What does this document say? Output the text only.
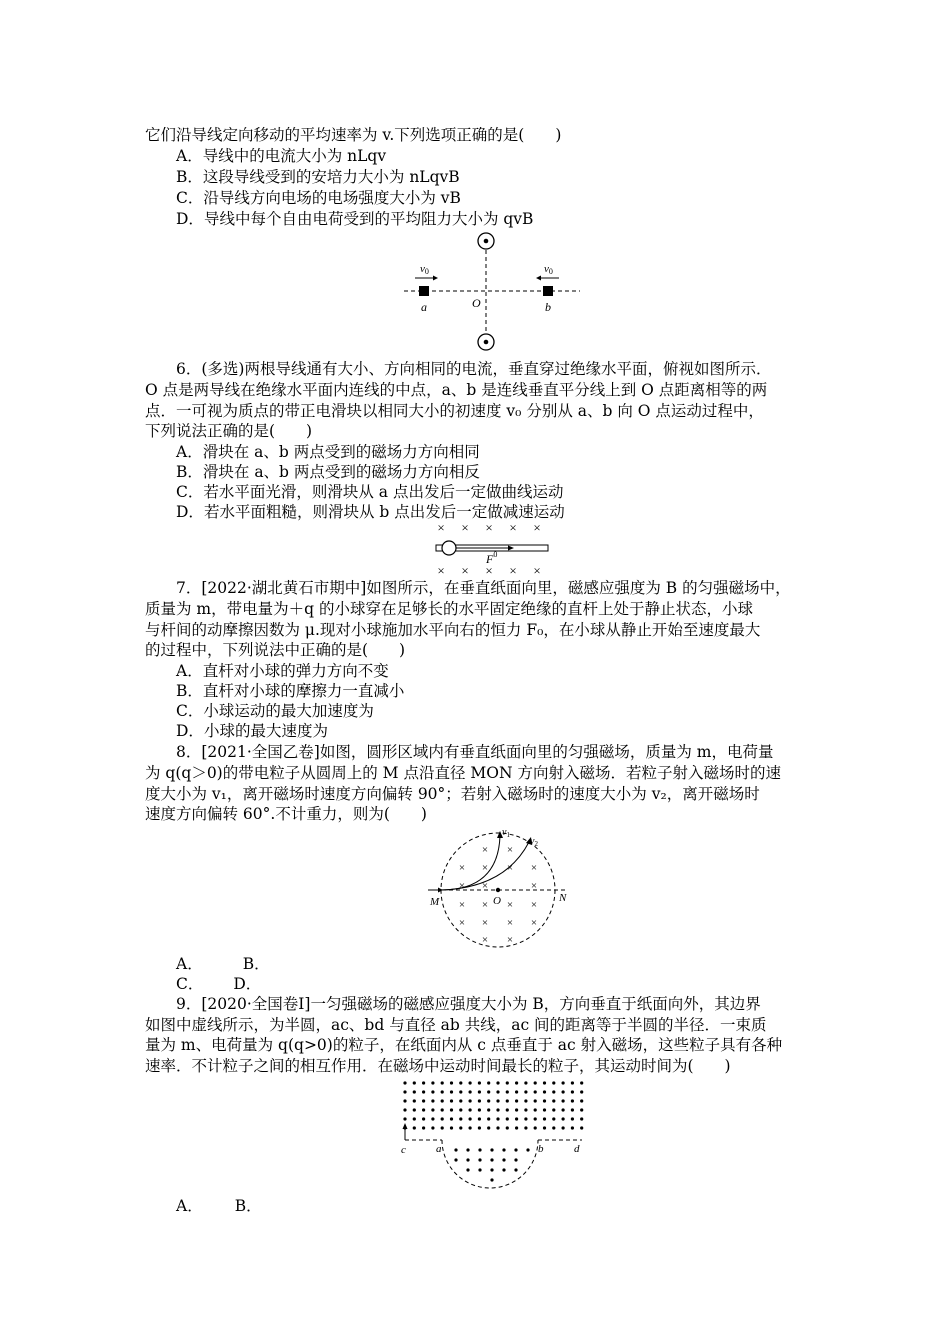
它们沿导线定向移动的平均速率为 v.下列选项正确的是(　　)
A．导线中的电流大小为 nLqv
B．这段导线受到的安培力大小为 nLqvB
C．沿导线方向电场的电场强度大小为 vB
D．导线中每个自由电荷受到的平均阻力大小为 qvB
v0	v0
a	O	b
6．(多选)两根导线通有大小、方向相同的电流，垂直穿过绝缘水平面，俯视如图所示．
O 点是两导线在绝缘水平面内连线的中点，a、b 是连线垂直平分线上到 O 点距离相等的两
点．一可视为质点的带正电滑块以相同大小的初速度 v₀ 分别从 a、b 向 O 点运动过程中，
下列说法正确的是(　　)
A．滑块在 a、b 两点受到的磁场力方向相同
B．滑块在 a、b 两点受到的磁场力方向相反
C．若水平面光滑，则滑块从 a 点出发后一定做曲线运动
D．若水平面粗糙，则滑块从 b 点出发后一定做减速运动
× × × × ×
× × × × ×
$F^0$
7．[2022·湖北黄石市期中]如图所示，在垂直纸面向里，磁感应强度为 B 的匀强磁场中，
质量为 m，带电量为＋q 的小球穿在足够长的水平固定绝缘的直杆上处于静止状态，小球
与杆间的动摩擦因数为 μ.现对小球施加水平向右的恒力 F₀，在小球从静止开始至速度最大
的过程中，下列说法中正确的是(　　)
A．直杆对小球的弹力方向不变
B．直杆对小球的摩擦力一直减小
C．小球运动的最大加速度为
D．小球的最大速度为
8．[2021·全国乙卷]如图，圆形区域内有垂直纸面向里的匀强磁场，质量为 m，电荷量
为 q(q＞0)的带电粒子从圆周上的 M 点沿直径 MON 方向射入磁场．若粒子射入磁场时的速
度大小为 v₁，离开磁场时速度方向偏转 90°；若射入磁场时的速度大小为 v₂，离开磁场时
速度方向偏转 60°.不计重力，则为(　　)
× ×
× × × ×
× ×	×
× × × ×
× × × ×
× ×
$v_1$
$v_2$
M	O	N
A．	B．
C． D．
9．[2020·全国卷Ⅰ]一匀强磁场的磁感应强度大小为 B，方向垂直于纸面向外，其边界
如图中虚线所示，为半圆，ac、bd 与直径 ab 共线，ac 间的距离等于半圆的半径．一束质
量为 m、电荷量为 q(q>0)的粒子，在纸面内从 c 点垂直于 ac 射入磁场，这些粒子具有各种
速率．不计粒子之间的相互作用．在磁场中运动时间最长的粒子，其运动时间为(　　)
c	a	b	d
A． B．
